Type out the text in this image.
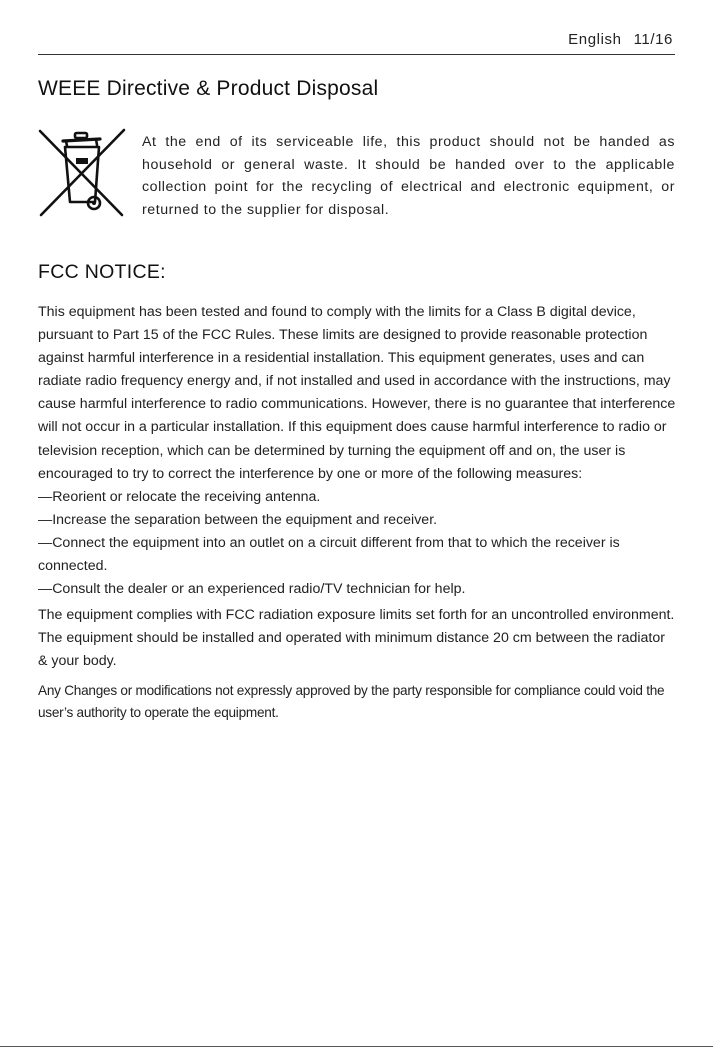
English 11/16
WEEE Directive & Product Disposal

At the end of its serviceable life, this product should not be handed as household or general waste. It should be handed over to the applicable collection point for the recycling of electrical and electronic equipment, or returned to the supplier for disposal.

FCC NOTICE:

This equipment has been tested and found to comply with the limits for a Class B digital device, pursuant to Part 15 of the FCC Rules. These limits are designed to provide reasonable protection against harmful interference in a residential installation. This equipment generates, uses and can radiate radio frequency energy and, if not installed and used in accordance with the instructions, may cause harmful interference to radio communications. However, there is no guarantee that interference will not occur in a particular installation. If this equipment does cause harmful interference to radio or television reception, which can be determined by turning the equipment off and on, the user is encouraged to try to correct the interference by one or more of the following measures:

—Reorient or relocate the receiving antenna.

—Increase the separation between the equipment and receiver.

—Connect the equipment into an outlet on a circuit different from that to which the receiver is connected.

—Consult the dealer or an experienced radio/TV technician for help.

The equipment complies with FCC radiation exposure limits set forth for an uncontrolled environment. The equipment should be installed and operated with minimum distance 20 cm between the radiator & your body.

Any Changes or modifications not expressly approved by the party responsible for compliance could void the user’s authority to operate the equipment.
